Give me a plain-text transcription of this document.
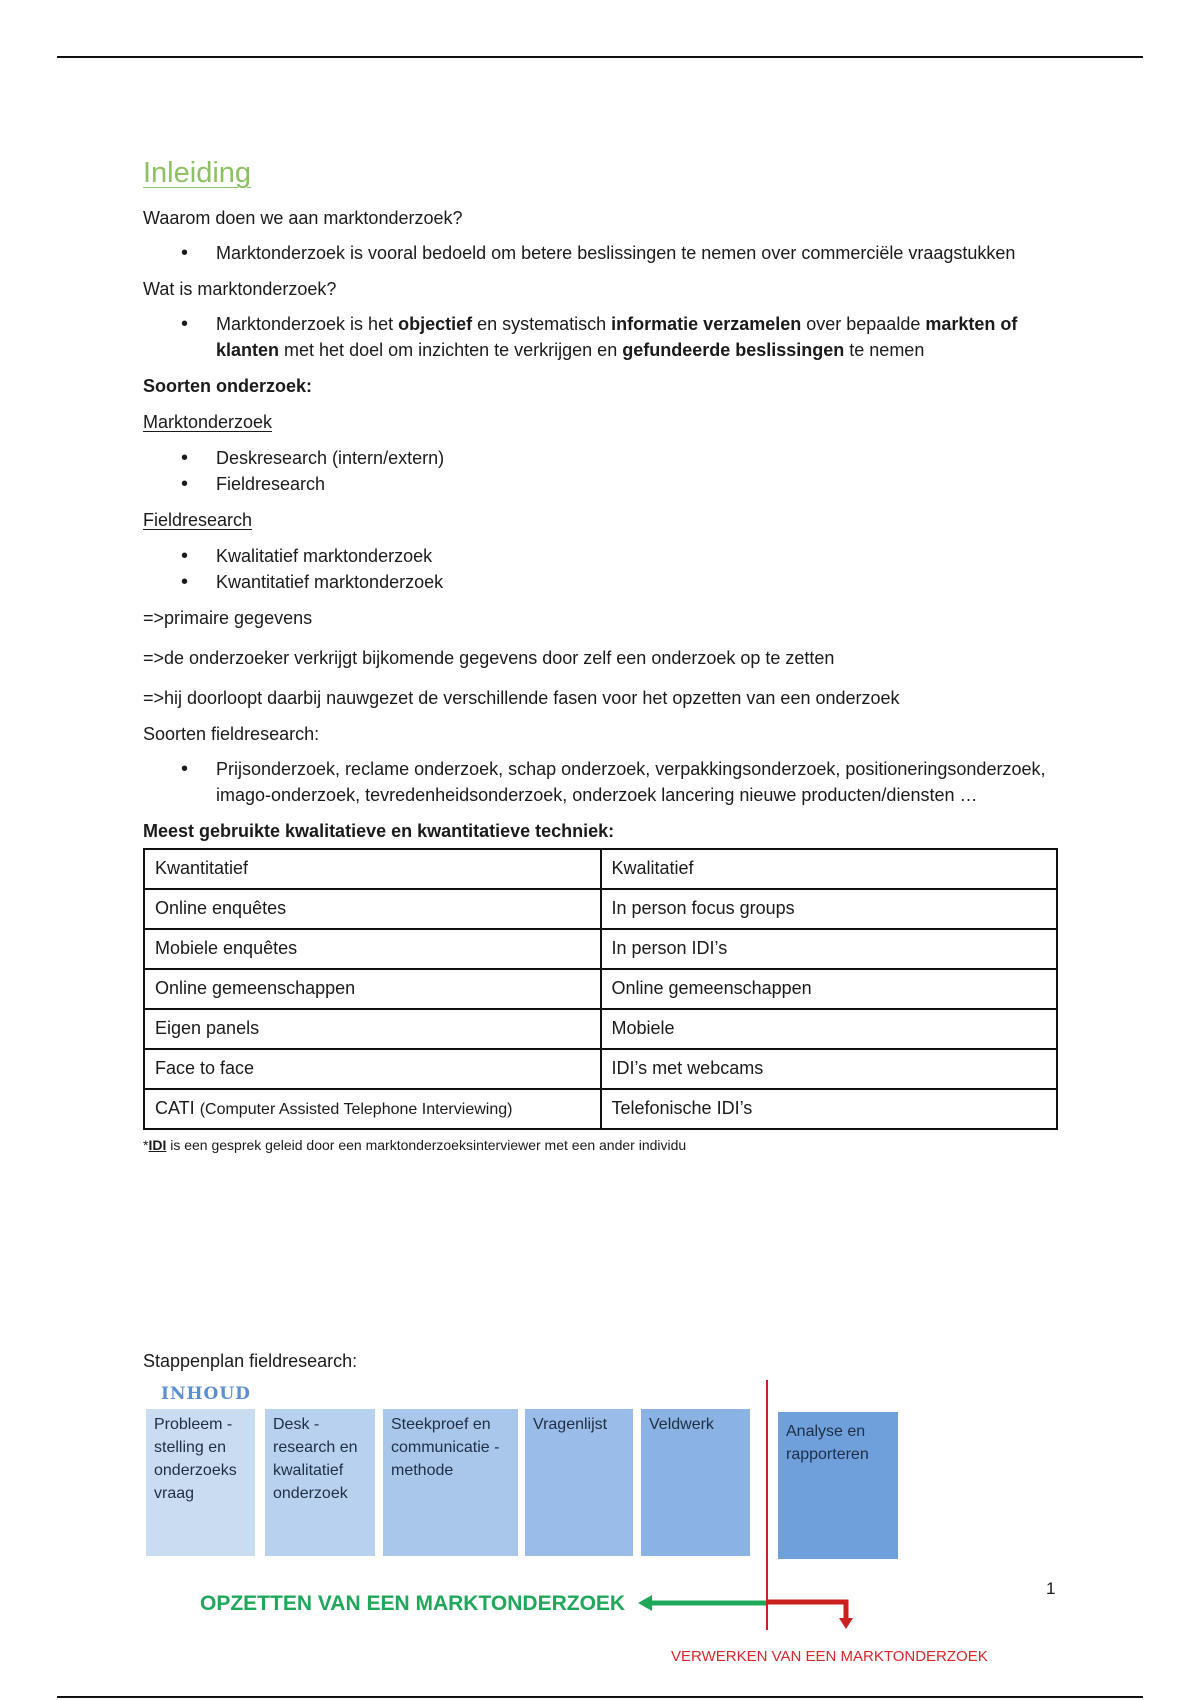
Inleiding

Waarom doen we aan marktonderzoek?

• Marktonderzoek is vooral bedoeld om betere beslissingen te nemen over commerciële vraagstukken

Wat is marktonderzoek?

• Marktonderzoek is het objectief en systematisch informatie verzamelen over bepaalde markten of klanten met het doel om inzichten te verkrijgen en gefundeerde beslissingen te nemen

Soorten onderzoek:

Marktonderzoek

• Deskresearch (intern/extern)
• Fieldresearch

Fieldresearch

• Kwalitatief marktonderzoek
• Kwantitatief marktonderzoek

=>primaire gegevens

=>de onderzoeker verkrijgt bijkomende gegevens door zelf een onderzoek op te zetten

=>hij doorloopt daarbij nauwgezet de verschillende fasen voor het opzetten van een onderzoek

Soorten fieldresearch:

• Prijsonderzoek, reclame onderzoek, schap onderzoek, verpakkingsonderzoek, positioneringsonderzoek, imago-onderzoek, tevredenheidsonderzoek, onderzoek lancering nieuwe producten/diensten …

Meest gebruikte kwalitatieve en kwantitatieve techniek:

Kwantitatief	Kwalitatief
Online enquêtes	In person focus groups
Mobiele enquêtes	In person IDI’s
Online gemeenschappen	Online gemeenschappen
Eigen panels	Mobiele
Face to face	IDI’s met webcams
CATI (Computer Assisted Telephone Interviewing)	Telefonische IDI’s

*IDI is een gesprek geleid door een marktonderzoeksinterviewer met een ander individu

Stappenplan fieldresearch:
INHOUD
Probleem -stelling en onderzoeks vraag
Desk -research en kwalitatief onderzoek
Steekproef en communicatie - methode
Vragenlijst	Veldwerk	Analyse en rapporteren
OPZETTEN VAN EEN MARKTONDERZOEK
VERWERKEN VAN EEN MARKTONDERZOEK
1
